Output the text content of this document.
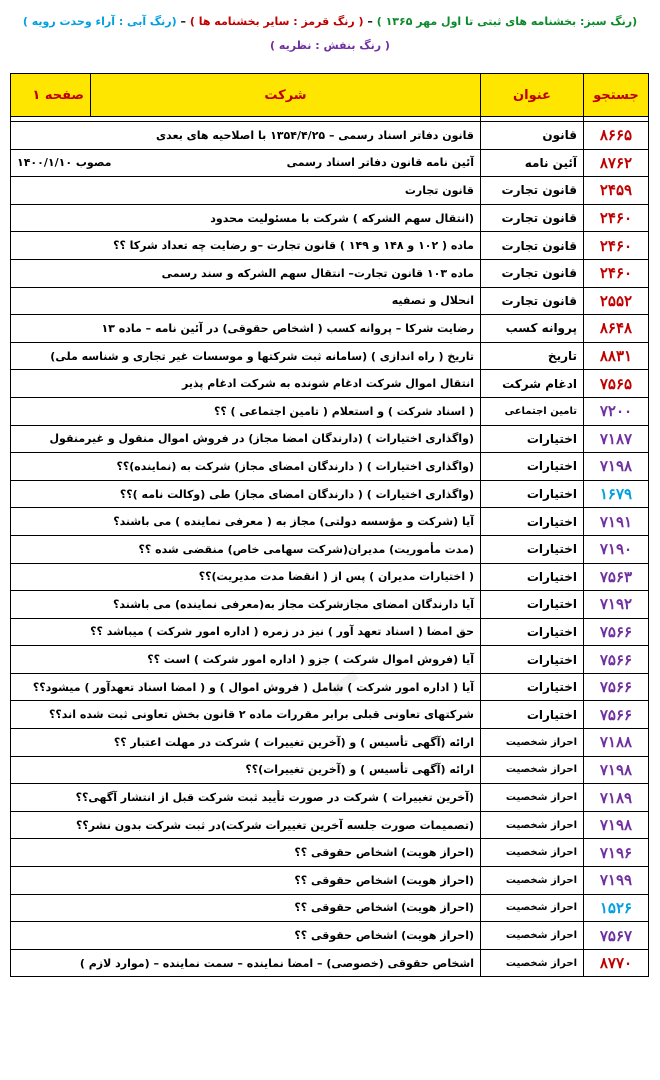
(رنگ سبز: بخشنامه های ثبتی تا اول مهر ۱۳۶۵ ) – ( رنگ قرمز : سایر بخشنامه ها ) – (رنگ آبی : آراء وحدت رویه )
( رنگ بنفش : نظریه )
جستجو	عنوان	شرکت	صفحه ۱

۸۶۶۵	قانون	قانون دفاتر اسناد رسمی – ۱۳۵۴/۴/۲۵ با اصلاحیه های بعدی	

۸۷۶۲	آئین نامه	آئین نامه قانون دفاتر اسناد رسمی
مصوب ۱۴۰۰/۱/۱۰	

۲۴۵۹	قانون تجارت	قانون تجارت	

۲۴۶۰	قانون تجارت	(انتقال سهم الشرکه ) شرکت با مسئولیت محدود	

۲۴۶۰	قانون تجارت	ماده ( ۱۰۲ و ۱۴۸ و ۱۴۹ ) قانون تجارت –و رضایت چه تعداد شرکا ؟؟	

۲۴۶۰	قانون تجارت	ماده ۱۰۳ قانون تجارت– انتقال سهم الشرکه و سند رسمی	

۲۵۵۲	قانون تجارت	انحلال و تصفیه	

۸۶۴۸	پروانه کسب	رضایت شرکا – پروانه کسب ( اشخاص حقوقی) در آئین نامه – ماده ۱۳	

۸۸۳۱	تاریخ	تاریخ ( راه اندازی ) (سامانه ثبت شرکتها و موسسات غیر تجاری و شناسه ملی)	

۷۵۶۵	ادغام شرکت	انتقال اموال شرکت ادغام شونده به شرکت ادغام پذیر	

۷۲۰۰	تامین اجتماعی	( اسناد شرکت ) و استعلام ( تامین اجتماعی ) ؟؟	

۷۱۸۷	اختیارات	(واگذاری اختیارات ) (دارندگان امضا مجاز) در فروش اموال منقول و غیرمنقول	

۷۱۹۸	اختیارات	(واگذاری اختیارات ) ( دارندگان امضای مجاز) شرکت به (نماینده)؟؟	

۱۶۷۹	اختیارات	(واگذاری اختیارات ) ( دارندگان امضای مجاز) طی (وکالت نامه )؟؟	

۷۱۹۱	اختیارات	آیا (شرکت و مؤسسه دولتی) مجاز به ( معرفی نماینده ) می باشند؟	

۷۱۹۰	اختیارات	(مدت مأموریت) مدیران(شرکت سهامی خاص) منقضی شده ؟؟	

۷۵۶۳	اختیارات	( اختیارات مدیران ) پس از ( انقضا مدت مدیریت)؟؟	

۷۱۹۲	اختیارات	آیا دارندگان امضای مجازشرکت مجاز به(معرفی نماینده) می باشند؟	

۷۵۶۶	اختیارات	حق امضا ( اسناد تعهد آور ) نیز در زمره ( اداره امور شرکت ) میباشد ؟؟	

۷۵۶۶	اختیارات	آیا (فروش اموال شرکت ) جزو ( اداره امور شرکت ) است ؟؟	

۷۵۶۶	اختیارات	آیا ( اداره امور شرکت ) شامل ( فروش اموال ) و ( امضا اسناد تعهدآور ) میشود؟؟	

۷۵۶۶	اختیارات	شرکتهای تعاونی قبلی برابر مقررات ماده ۲ قانون بخش تعاونی ثبت شده اند؟؟	

۷۱۸۸	احراز شخصیت	ارائه (آگهی تأسیس ) و (آخرین تغییرات ) شرکت در مهلت اعتبار ؟؟	

۷۱۹۸	احراز شخصیت	ارائه (آگهی تأسیس ) و (آخرین تغییرات)؟؟	

۷۱۸۹	احراز شخصیت	(آخرین تغییرات ) شرکت در صورت تأیید ثبت شرکت قبل از انتشار آگهی؟؟	

۷۱۹۸	احراز شخصیت	(تصمیمات صورت جلسه آخرین تغییرات شرکت)در ثبت شرکت بدون نشر؟؟	

۷۱۹۶	احراز شخصیت	(احراز هویت) اشخاص حقوقی ؟؟	

۷۱۹۹	احراز شخصیت	(احراز هویت) اشخاص حقوقی ؟؟	

۱۵۲۶	احراز شخصیت	(احراز هویت) اشخاص حقوقی ؟؟	

۷۵۶۷	احراز شخصیت	(احراز هویت) اشخاص حقوقی ؟؟	

۸۷۷۰	احراز شخصیت	اشخاص حقوقی (خصوصی) – امضا نماینده – سمت نماینده – (موارد لازم )	
ـ
